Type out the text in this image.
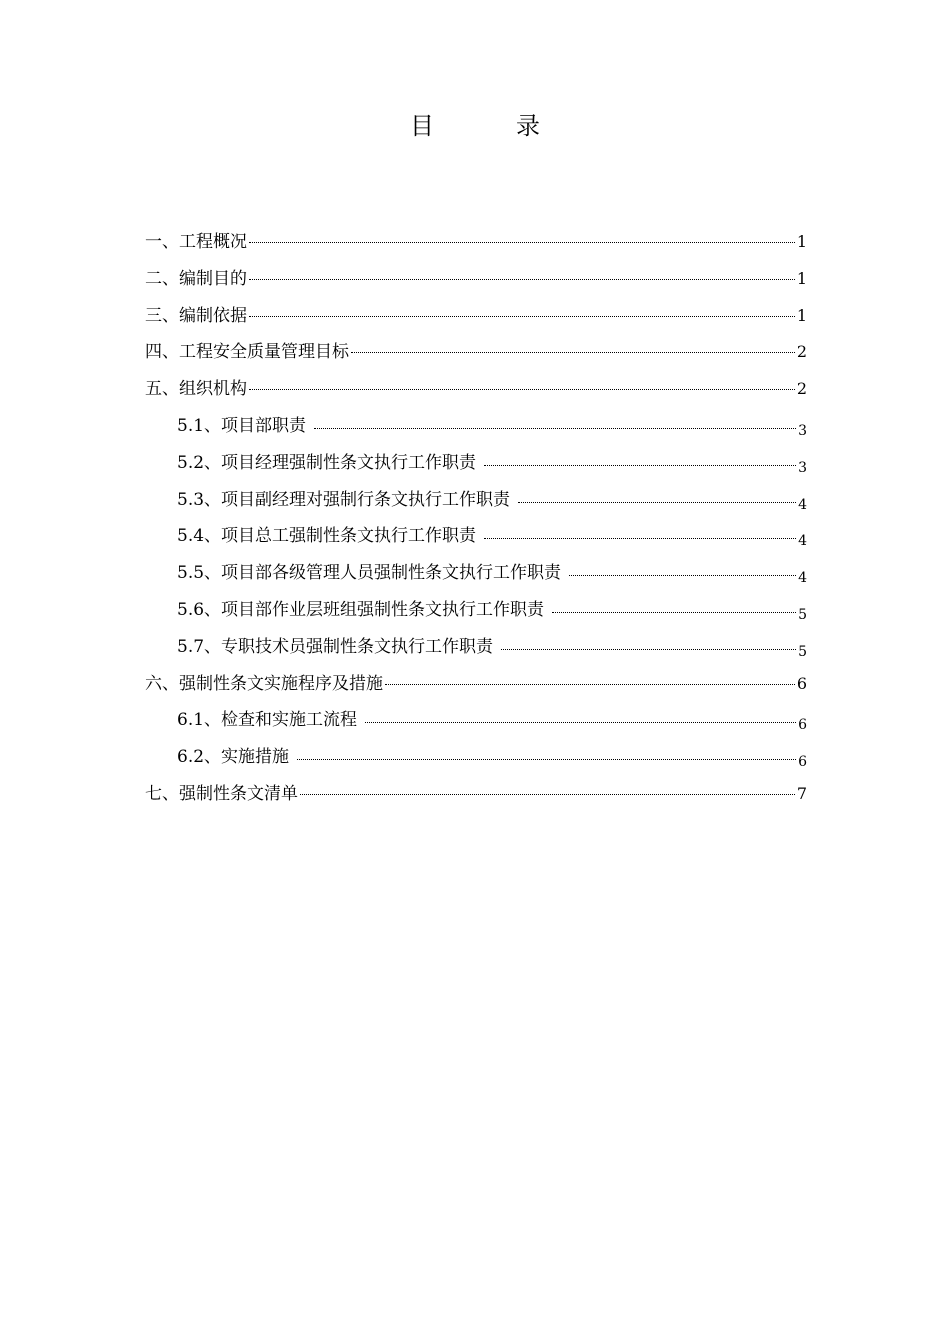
目	录
一、工程概况	1
二、编制目的	1
三、编制依据	1
四、工程安全质量管理目标	2
五、组织机构	2
5.1、项目部职责	3
5.2、项目经理强制性条文执行工作职责	3
5.3、项目副经理对强制行条文执行工作职责	4
5.4、项目总工强制性条文执行工作职责	4
5.5、项目部各级管理人员强制性条文执行工作职责	4
5.6、项目部作业层班组强制性条文执行工作职责	5
5.7、专职技术员强制性条文执行工作职责	5
六、强制性条文实施程序及措施	6
6.1、检查和实施工流程	6
6.2、实施措施	6
七、强制性条文清单	7
